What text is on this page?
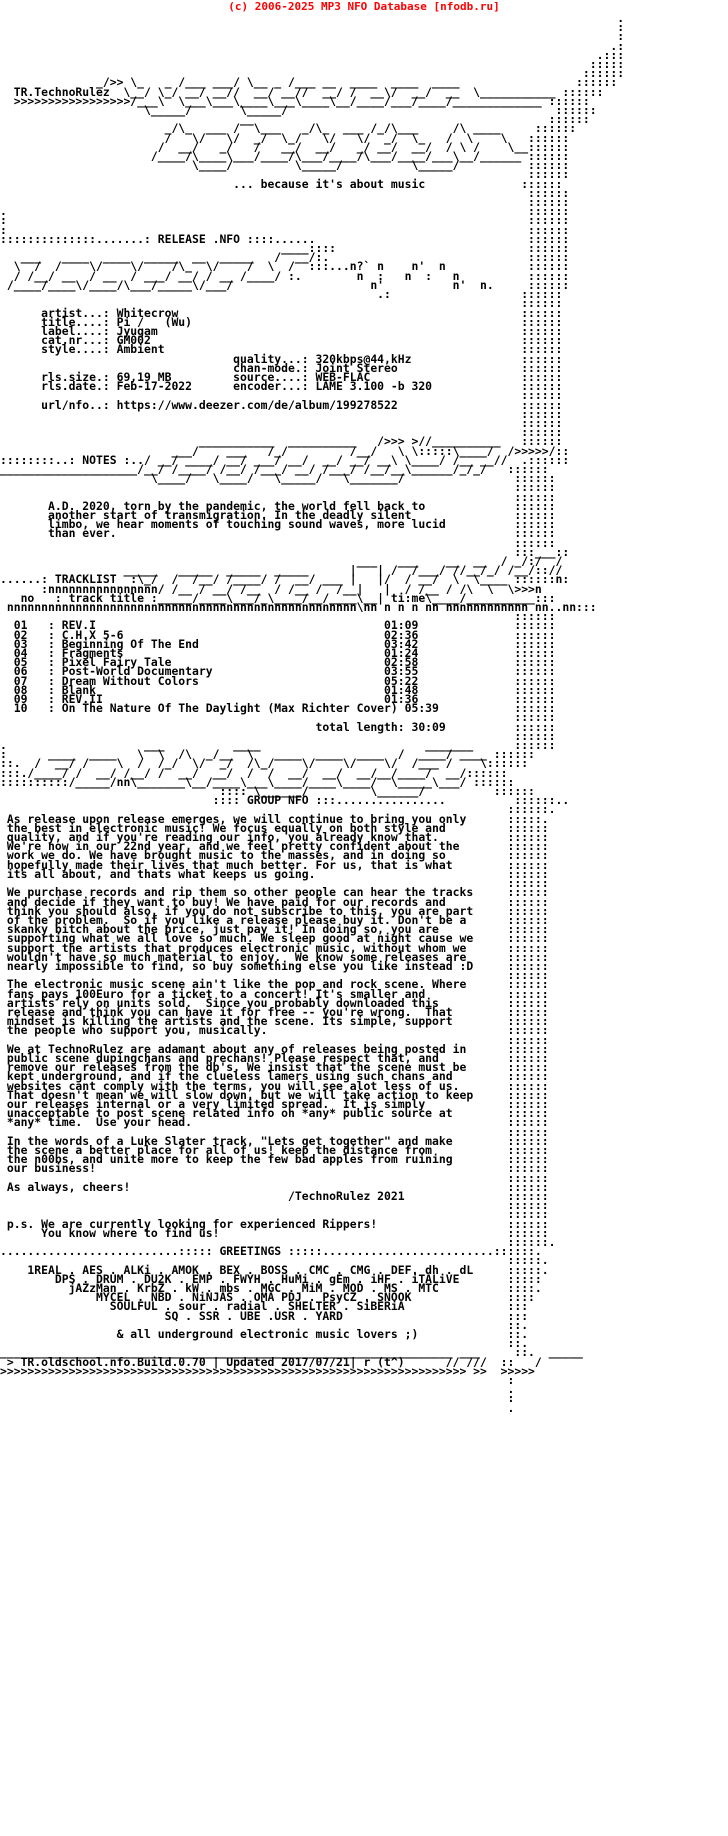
(c) 2006-2025 MP3 NFO Database [nfodb.ru]
.
:
:
.:
.:::
:::::
::::::
_/>> \_   _ /___ ___/ \__ _ /___ __  ____  ____  ____                 ::::::
TR.TechnoRulez  \__/ \_/ __/ __//  __/ __//  __/ /  __\/  __/  __  \___________ ::::::
>>>>>>>>>>>>>>>>>/___\  \___\___\____\___\____\__/____/___/____/_____________ ::::::
\_____/       \_____/                                       ::::::
__                                           ::::::
_/\_  ___ /  \___   _/\_  ___ /_/\___     /\ ____     ::::::
/   \/   \/  _/  \_/   \/   \/  _/  \_   /  \    \   ::::::
/  __/   _/   /   __/  __/   _/ __/  __/  / \ /    \__::::::
/____/\____\___/____/\___/____/\___/____/___\__/______ ::::::
\____/         \_____/          \_____/          ::::::
::::::
... because it's about music              ::::::
::::::
::::::
.                                                                            ::::::
:                                                                            ::::::
:                                                                            ::::::
::::::::::::::.......: RELEASE .NFO ::::......                               ::::::
____::::                            ::::::
___   ____  ____  _____  __  _____   /  __/:.                             ::::::
\  /  /    \/    \/    /\_  \/    /  \  /  :::...n?` n    n'  n            ::::::
/ /__/ __  / __  / ___/ __/ / __ /____/ :.        n  :   n  :   n          ::::::
/____/____\/____/\___/_____\/___/                    n'          n'  n.     ::::::
.:                   ::::::
::::::
artist...: Whitecrow                                                  ::::::
title....: Pi /   (Wu)                                                ::::::
label....: Jyugam                                                     ::::::
cat.nr...: GM002                                                      ::::::
style....: Ambient                                                    ::::::
quality...: 320kbps@44,kHz                ::::::
chan-mode.: Joint Stereo                  ::::::
rls.size.: 69,19 MB         source....: WEB-FLAC                      ::::::
rls.date.: Feb-17-2022      encoder...: LAME 3.100 -b 320             ::::::
::::::
url/nfo..: https://www.deezer.com/de/album/199278522                  ::::::
::::::
::::::
::::::
___________  __________   />>> >//__________   ::::::
___/    ___   /_/         /__/   \ \:::::\____/  />>>>>/::
::::::::..: NOTES :../ __/ ____/ __/ ___/ __/  __/ __/ __\ \____/ /__ __//  .::::::
____________________/__/ /____/ /__/ /___/ __/ /___/ /__/__\______/_/_/   ::::::
\____/   \____/   \_____/   \_______/                ::::::
::::::
::::::
A.D. 2020, torn by the pandemic, the world fell back to             ::::::
another start of transmigration. In the deadly silent               ::::::
limbo, we hear moments of touching sound waves, more lucid          ::::::
than ever.                                                          ::::::
::::::
:::___::
___   ___    __  __  / _/:/  /
_____   _____  _____  _____      |   | /  /___/ //__/_/ /__/:://
......: TRACKLIST  :\_/  /  /__/ /____/ /  __/ ___ |   |/  / __/  \  \____ ::::::n:
:nnnnnnnnnnnnnnnn/ /__ / __/ /__  / /__ /  /__|   |  / /__ / /\  \  \>>>n
no   : track title :_____/____\___/_\____/__/____\__| ti:me\____/__________:::
nnnnnnnnnnnnnnnnnnnnnnnnnnnnnnnnnnnnnnnnnnnnnnnnnnn\nn n n n nn nnnnnnnnnnnn nn..nn:::
::::::
01   : REV.I                                          01:09              ::::::
02   : C.H.X 5-6                                      02:36              ::::::
03   : Beginning Of The End                           03:42              ::::::
04   : Fragments                                      01:24              ::::::
05   : Pixel Fairy Tale                               02:58              ::::::
06   : Post-World Documentary                         03:55              ::::::
07   : Dream Without Colors                           05:22              ::::::
08   : Blank                                          01:48              ::::::
09   : REV.II                                         01:36              ::::::
10   : On The Nature Of The Daylight (Max Richter Cover) 05:39           ::::::
::::::
total length: 30:09          ::::::
::::::
.                    ___          ____                        _______      ::::::
:      ____  ____   \  \  /\  _/__  \   ____  ____  ____  /  ____/ ____ ::::::
::.  /  __/ /    \  /  /_/  \/  _/  /\_/    \/    \/    \/  /___ /    \::::::
:::./____/ /  __/ /__/ /  __/  __/  /  /  __/  __/  __/__/____/  __/::::::
::::::::::/_____/nn\_______\__/____\___\____/____\____/  \_____\___/ ::::::
:::: \______/         \______/          ::::::
:::: GROUP NFO :::................          ::::::..
::::::.
As release upon release emerges, we will continue to bring you only      :::::.
the best in electronic music! We focus equally on both style and         ::::::
quality, and if you're reading our info, you already know that.          ::::::
We're now in our 22nd year, and we feel pretty confident about the       ::::::
work we do. We have brought music to the masses, and in doing so         ::::::
hopefully made their lives that much better. For us, that is what        ::::::
its all about, and thats what keeps us going.                            ::::::
::::::
We purchase records and rip them so other people can hear the tracks     ::::::
and decide if they want to buy! We have paid for our records and         ::::::
think you should also, if you do not subscribe to this, you are part     ::::::
of the problem.  So if you like a release please buy it. Don't be a      ::::::
skanky bitch about the price, just pay it! In doing so, you are          ::::::
supporting what we all love so much. We sleep good at night cause we     ::::::
support the artists that produces electronic music, without whom we      ::::::
wouldn't have so much material to enjoy.  We know some releases are      ::::::
nearly impossible to find, so buy something else you like instead :D     ::::::
::::::
The electronic music scene ain't like the pop and rock scene. Where      ::::::
fans pays 100Euro for a ticket to a concert! It's smaller and            ::::::
artists rely on units sold.  Since you probably downloaded this          ::::::
release and think you can have it for free -- you're wrong.  That        ::::::
mindset is killing the artists and the scene. Its simple, support        ::::::
the people who support you, musically.                                   ::::::
::::::
We at TechnoRulez are adamant about any of releases being posted in      ::::::
public scene dupingchans and prechans! Please respect that, and          ::::::
remove our releases from the db's. We insist that the scene must be      ::::::
kept underground, and if the clueless lamers using such chans and        ::::::
websites cant comply with the terms, you will see alot less of us.       ::::::
That doesn't mean we will slow down, but we will take action to keep     ::::::
our releases internal or a very limited spread.  It is simply            ::::::
unacceptable to post scene related info on *any* public source at        ::::::
*any* time.  Use your head.                                              ::::::
::::::
In the words of a Luke Slater track, "Lets get together" and make        ::::::
the scene a better place for all of us! keep the distance from           ::::::
the n00bs, and unite more to keep the few bad apples from ruining        ::::::
our business!                                                            ::::::
::::::
As always, cheers!                                                       ::::::
/TechnoRulez 2021               ::::::
::::::
::::::
p.s. We are currently looking for experienced Rippers!                   ::::::
You know where to find us!                                          ::::::
::::::.
..........................::::: GREETINGS :::::.........................::::::.
:::::.
1REAL . AES . ALKi . AMOK . BEX . BOSS . CMC . CMG . DEF. dh . dL     :::::.
DPS . DRUM . DU2K . EMP . FWYH . HuMi . gEm . iHF . iTALiVE       :::::
jAZzMan . KrbZ . kW . mbs . MGC . MiM . MOD . MS . MTC          ::::.
MYCEL . NBD . NiNJAS . OMA PDJ . PsyCZ . SNOOK              ::::
SOULFUL . sour . radial . SHELTER . SiBERiA               :::
SQ . SSR . UBE .USR . YARD                        :::
::.
& all underground electronic music lovers ;)             ::.
::.
__________________________________________________________________ ___     ::.  _____
> TR.oldschool.nfo.Build.0.70 | Updated 2017/07/21| r (t^)      // ///  ::   /
>>>>>>>>>>>>>>>>>>>>>>>>>>>>>>>>>>>>>>>>>>>>>>>>>>>>>>>>>>>>>>>>>>>> >>  >>>>>
:
.
:
.
